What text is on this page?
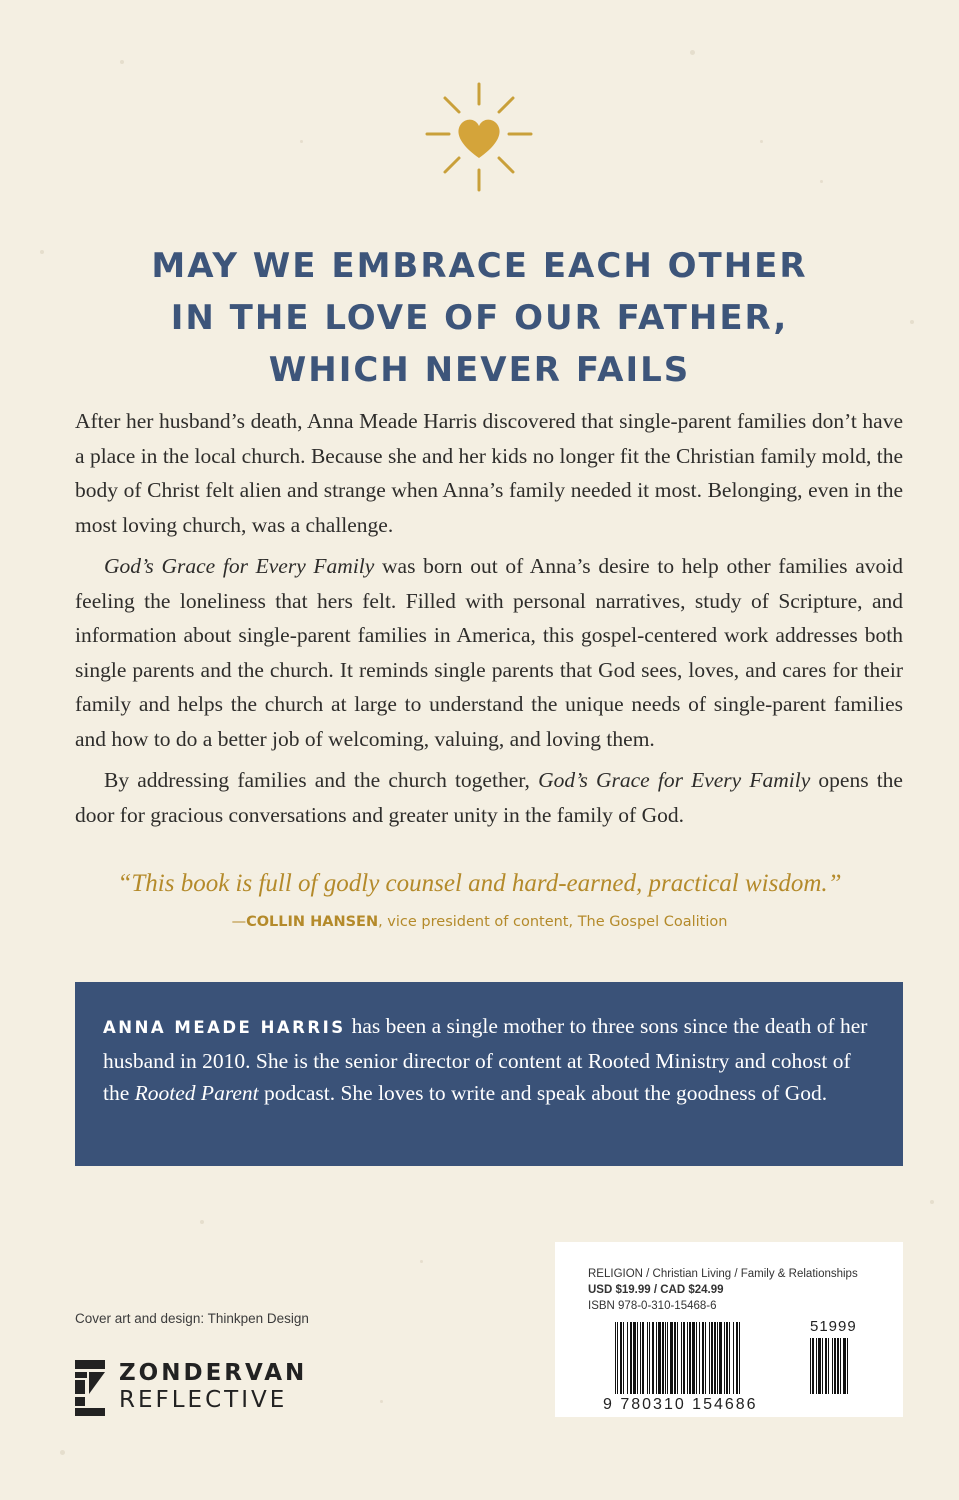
MAY WE EMBRACE EACH OTHER
IN THE LOVE OF OUR FATHER,
WHICH NEVER FAILS

After her husband’s death, Anna Meade Harris discovered that single-parent families don’t have a place in the local church. Because she and her kids no longer fit the Christian family mold, the body of Christ felt alien and strange when Anna’s family needed it most. Belonging, even in the most loving church, was a challenge.

God’s Grace for Every Family was born out of Anna’s desire to help other families avoid feeling the loneliness that hers felt. Filled with personal narratives, study of Scripture, and information about single-parent families in America, this gospel-centered work addresses both single parents and the church. It reminds single parents that God sees, loves, and cares for their family and helps the church at large to understand the unique needs of single-parent families and how to do a better job of welcoming, valuing, and loving them.

By addressing families and the church together, God’s Grace for Every Family opens the door for gracious conversations and greater unity in the family of God.

“This book is full of godly counsel and hard-earned, practical wisdom.”
—COLLIN HANSEN, vice president of content, The Gospel Coalition
ANNA MEADE HARRIS has been a single mother to three sons since the death of her husband in 2010. She is the senior director of content at Rooted Ministry and cohost of the Rooted Parent podcast. She loves to write and speak about the goodness of God.
Cover art and design: Thinkpen Design
ZONDERVAN
REFLECTIVE
RELIGION / Christian Living / Family & Relationships
USD $19.99 / CAD $24.99
ISBN 978-0-310-15468-6
51999
9 780310 154686
